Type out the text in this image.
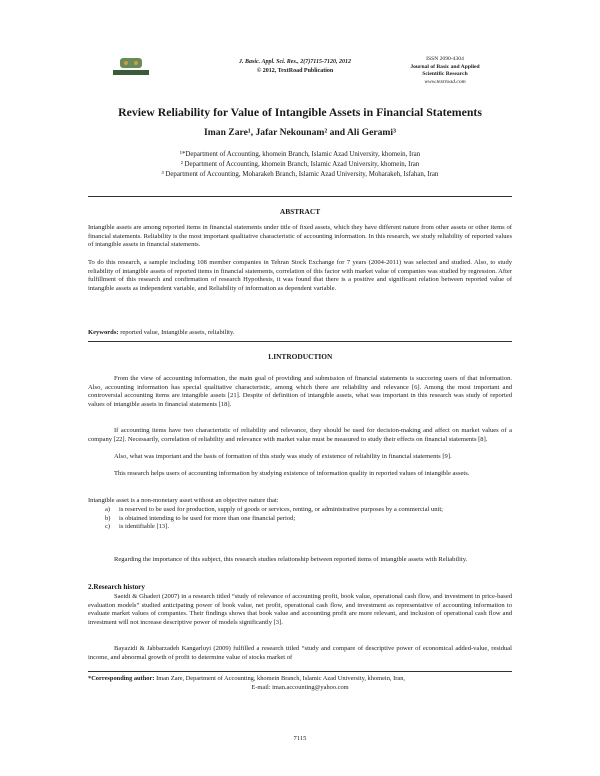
J. Basic. Appl. Sci. Res., 2(7)7115-7120, 2012
© 2012, TextRoad Publication
ISSN 2090-4304
Journal of Basic and Applied
Scientific Research
www.textroad.com
Review Reliability for Value of Intangible Assets in Financial Statements
Iman Zare¹, Jafar Nekounam² and Ali Gerami³
¹*Department of Accounting, khomein Branch, Islamic Azad University, khomein, Iran
² Department of Accounting, khomein Branch, Islamic Azad University, khomein, Iran
³ Department of Accounting, Moharakeh Branch, Islamic Azad University, Moharakeh, Isfahan, Iran
ABSTRACT
Intangible assets are among reported items in financial statements under title of fixed assets, which they have different nature from other assets or other items of financial statements. Reliability is the most important qualitative characteristic of accounting information. In this research, we study reliability of reported values of intangible assets in financial statements.
To do this research, a sample including 108 member companies in Tehran Stock Exchange for 7 years (2004-2011) was selected and studied. Also, to study reliability of intangible assets of reported items in financial statements, correlation of this factor with market value of companies was studied by regression. After fulfillment of this research and confirmation of research Hypothesis, it was found that there is a positive and significant relation between reported value of intangible assets as independent variable, and Reliability of information as dependent variable.
Keywords: reported value, Intangible assets, reliability.
1.INTRODUCTION
From the view of accounting information, the main goal of providing and submission of financial statements is succoring users of that information. Also, accounting information has special qualitative characteristic, among which there are reliability and relevance [6]. Among the most important and controversial accounting items are intangible assets [21]. Despite of definition of intangible assets, what was important in this research was study of reported values of intangible assets in financial statements [18].
If accounting items have two characteristic of reliability and relevance, they should be used for decision-making and affect on market values of a company [22]. Necessarily, correlation of reliability and relevance with market value must be measured to study their effects on financial statements [8].
Also, what was important and the basis of formation of this study was study of existence of reliability in financial statements [9].
This research helps users of accounting information by studying existence of information quality in reported values of intangible assets.
Intangible asset is a non-monetary asset without an objective nature that:
a)	is reserved to be used for production, supply of goods or services, renting, or administrative purposes by a commercial unit;
b)	is obtained intending to be used for more than one financial period;
c)	is identifiable [13].
Regarding the importance of this subject, this research studies relationship between reported items of intangible assets with Reliability.
2.Research history
Saeidi & Ghaderi (2007) in a research titled “study of relevance of accounting profit, book value, operational cash flow, and investment in price-based evaluation models” studied anticipating power of book value, net profit, operational cash flow, and investment as representative of accounting information to evaluate market values of companies. Their findings shows that book value and accounting profit are more relevant, and inclusion of operational cash flow and investment will not increase descriptive power of models significantly [3].
Bayazidi & Jabbarzadeh Kangarluyi (2009) fulfilled a research titled “study and compare of descriptive power of economical added-value, residual income, and abnormal growth of profit to determine value of stocks market of
*Corresponding author: Iman Zare, Department of Accounting, khomein Branch, Islamic Azad University, khomein, Iran,
E-mail: iman.accounting@yahoo.com
7115
